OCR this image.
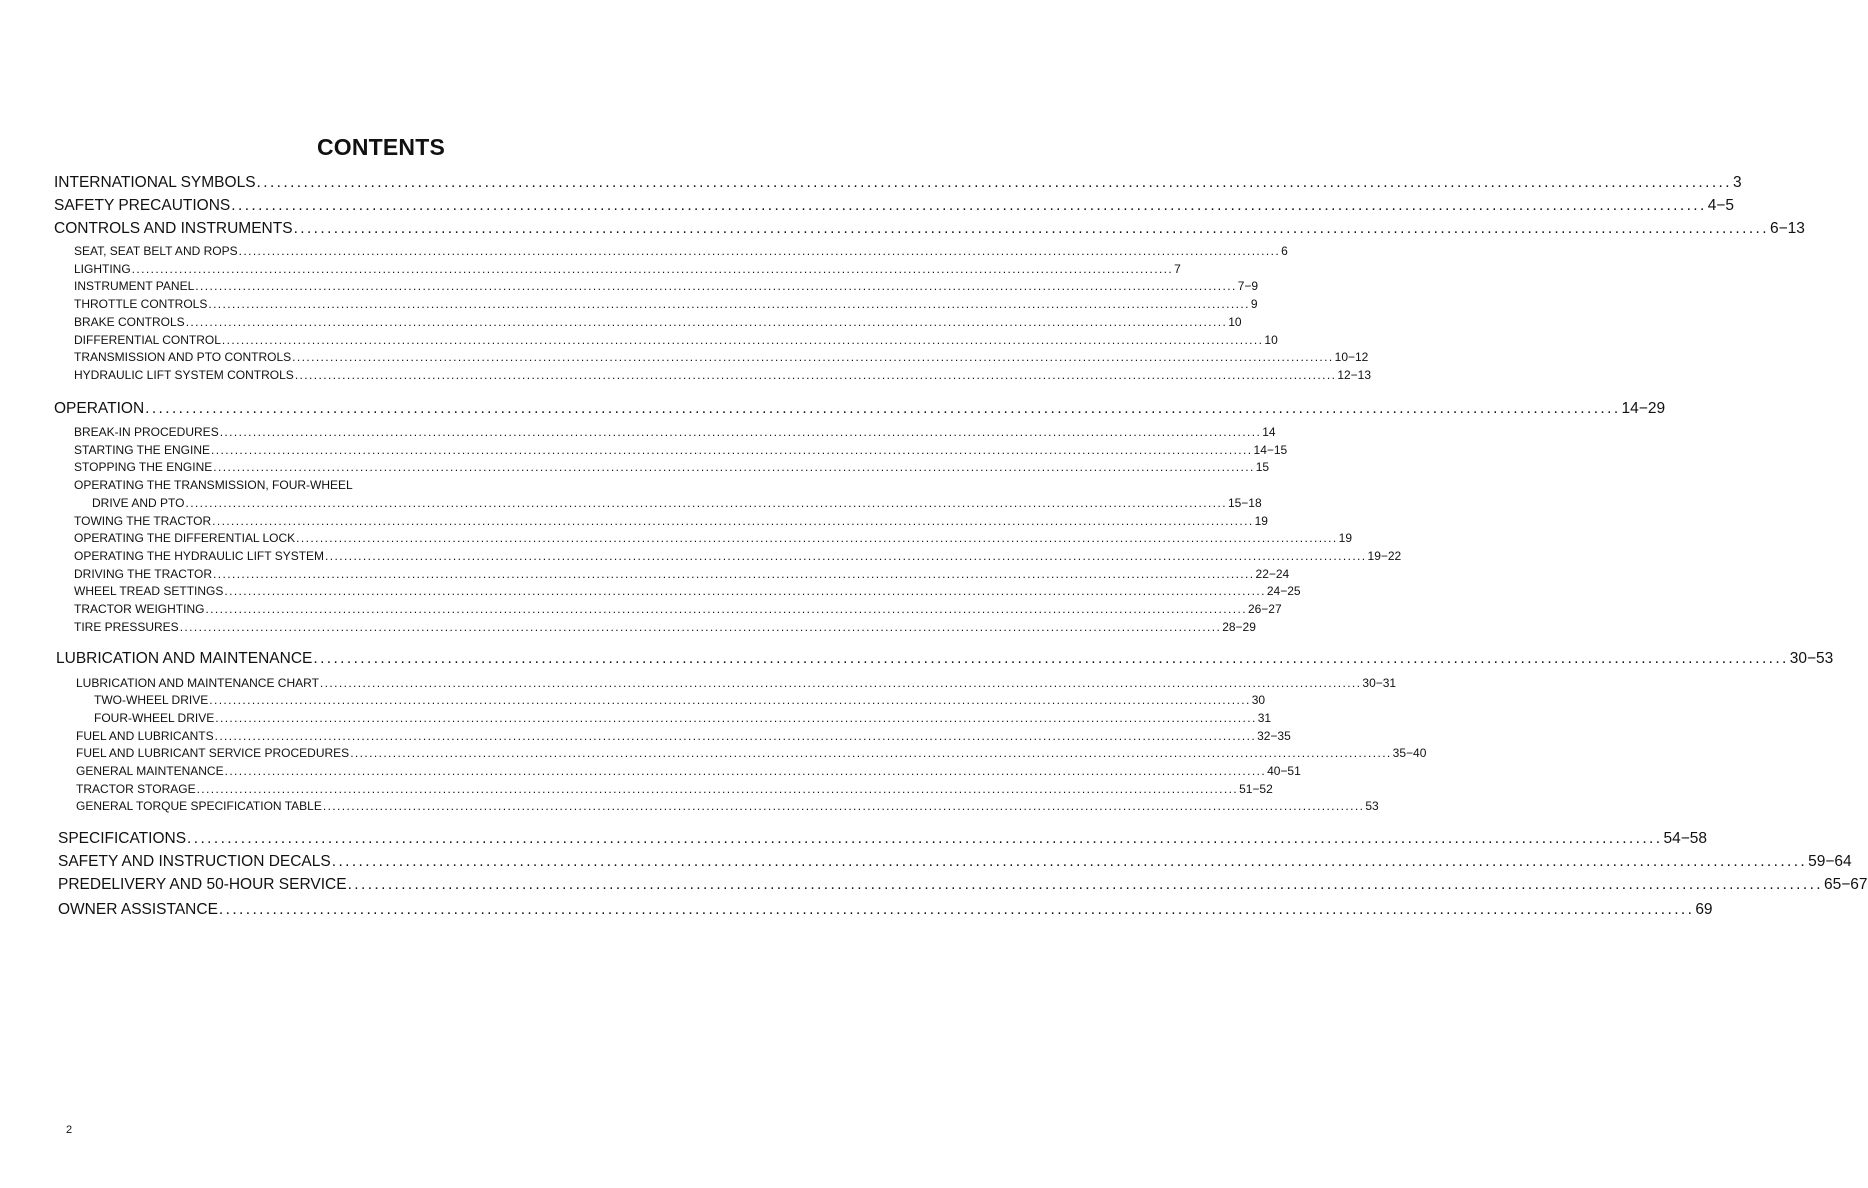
CONTENTS
INTERNATIONAL SYMBOLS ............................................................................................................................................................................................................................ 3
SAFETY PRECAUTIONS ............................................................................................................................................................................................................................ 4−5
CONTROLS AND INSTRUMENTS ............................................................................................................................................................................................................................ 6−13
SEAT, SEAT BELT AND ROPS ............................................................................................................................................................................................................................ 6
LIGHTING ............................................................................................................................................................................................................................ 7
INSTRUMENT PANEL ............................................................................................................................................................................................................................ 7−9
THROTTLE CONTROLS ............................................................................................................................................................................................................................ 9
BRAKE CONTROLS ............................................................................................................................................................................................................................ 10
DIFFERENTIAL CONTROL ............................................................................................................................................................................................................................ 10
TRANSMISSION AND PTO CONTROLS ............................................................................................................................................................................................................................ 10−12
HYDRAULIC LIFT SYSTEM CONTROLS ............................................................................................................................................................................................................................ 12−13
OPERATION ............................................................................................................................................................................................................................ 14−29
BREAK-IN PROCEDURES ............................................................................................................................................................................................................................ 14
STARTING THE ENGINE ............................................................................................................................................................................................................................ 14−15
STOPPING THE ENGINE ............................................................................................................................................................................................................................ 15
OPERATING THE TRANSMISSION, FOUR-WHEEL
DRIVE AND PTO ............................................................................................................................................................................................................................ 15−18
TOWING THE TRACTOR ............................................................................................................................................................................................................................ 19
OPERATING THE DIFFERENTIAL LOCK ............................................................................................................................................................................................................................ 19
OPERATING THE HYDRAULIC LIFT SYSTEM ............................................................................................................................................................................................................................ 19−22
DRIVING THE TRACTOR ............................................................................................................................................................................................................................ 22−24
WHEEL TREAD SETTINGS ............................................................................................................................................................................................................................ 24−25
TRACTOR WEIGHTING ............................................................................................................................................................................................................................ 26−27
TIRE PRESSURES ............................................................................................................................................................................................................................ 28−29
LUBRICATION AND MAINTENANCE ............................................................................................................................................................................................................................ 30−53
LUBRICATION AND MAINTENANCE CHART ............................................................................................................................................................................................................................ 30−31
TWO-WHEEL DRIVE ............................................................................................................................................................................................................................ 30
FOUR-WHEEL DRIVE ............................................................................................................................................................................................................................ 31
FUEL AND LUBRICANTS ............................................................................................................................................................................................................................ 32−35
FUEL AND LUBRICANT SERVICE PROCEDURES ............................................................................................................................................................................................................................ 35−40
GENERAL MAINTENANCE ............................................................................................................................................................................................................................ 40−51
TRACTOR STORAGE ............................................................................................................................................................................................................................ 51−52
GENERAL TORQUE SPECIFICATION TABLE ............................................................................................................................................................................................................................ 53
SPECIFICATIONS ............................................................................................................................................................................................................................ 54−58
SAFETY AND INSTRUCTION DECALS ............................................................................................................................................................................................................................ 59−64
PREDELIVERY AND 50-HOUR SERVICE ............................................................................................................................................................................................................................ 65−67
OWNER ASSISTANCE ............................................................................................................................................................................................................................ 69
2
